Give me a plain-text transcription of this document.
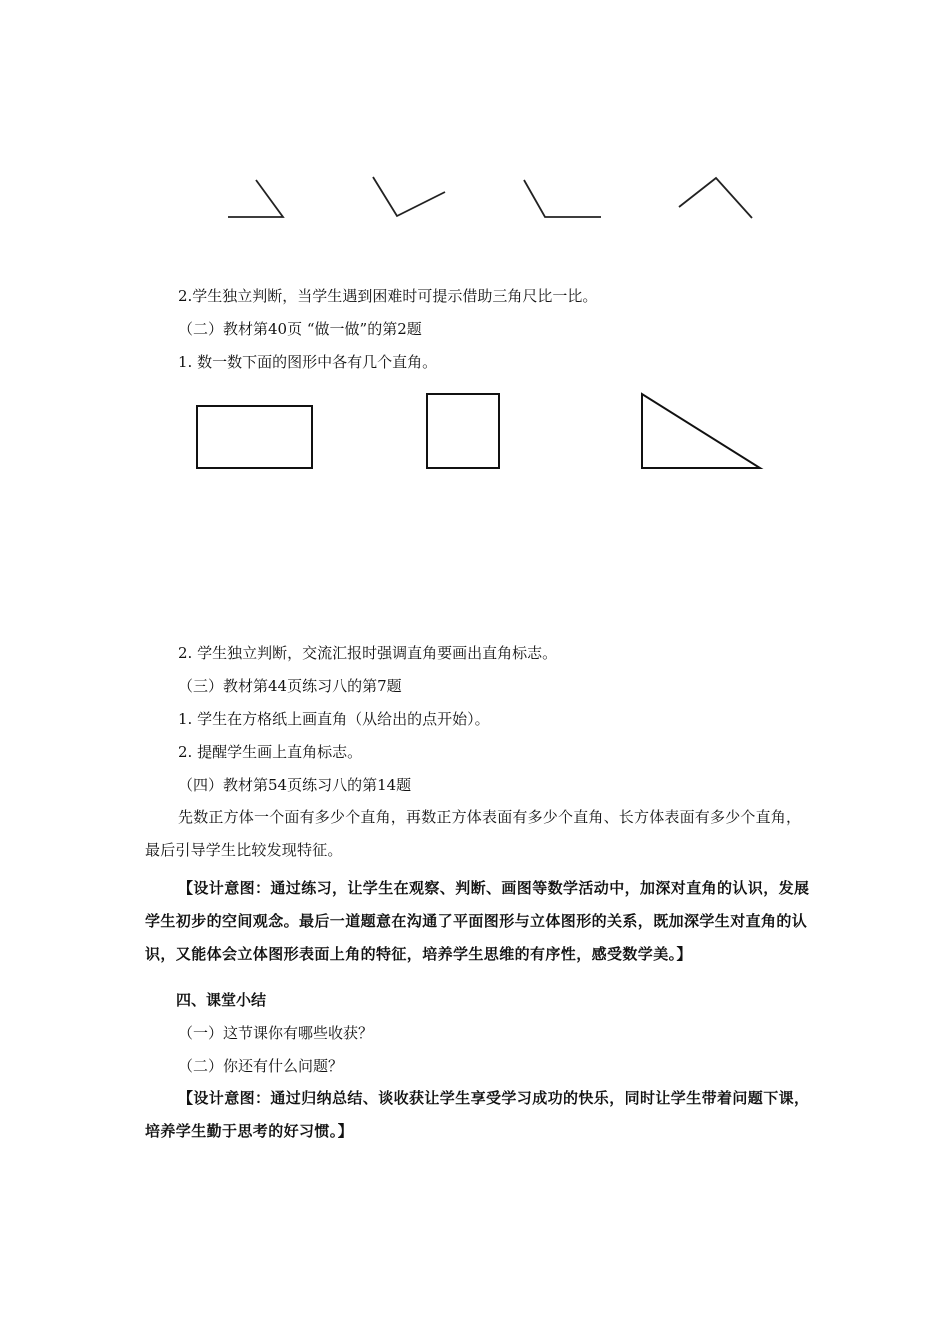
2.学生独立判断，当学生遇到困难时可提示借助三角尺比一比。
（二）教材第40页 “做一做”的第2题
1. 数一数下面的图形中各有几个直角。
2. 学生独立判断，交流汇报时强调直角要画出直角标志。
（三）教材第44页练习八的第7题
1. 学生在方格纸上画直角（从给出的点开始）。
2. 提醒学生画上直角标志。
（四）教材第54页练习八的第14题

先数正方体一个面有多少个直角，再数正方体表面有多少个直角、长方体表面有多少个直角，最后引导学生比较发现特征。

【设计意图：通过练习，让学生在观察、判断、画图等数学活动中，加深对直角的认识，发展学生初步的空间观念。最后一道题意在沟通了平面图形与立体图形的关系，既加深学生对直角的认识，又能体会立体图形表面上角的特征，培养学生思维的有序性，感受数学美。】

四、课堂小结
（一）这节课你有哪些收获？
（二）你还有什么问题？

【设计意图：通过归纳总结、谈收获让学生享受学习成功的快乐，同时让学生带着问题下课，培养学生勤于思考的好习惯。】
